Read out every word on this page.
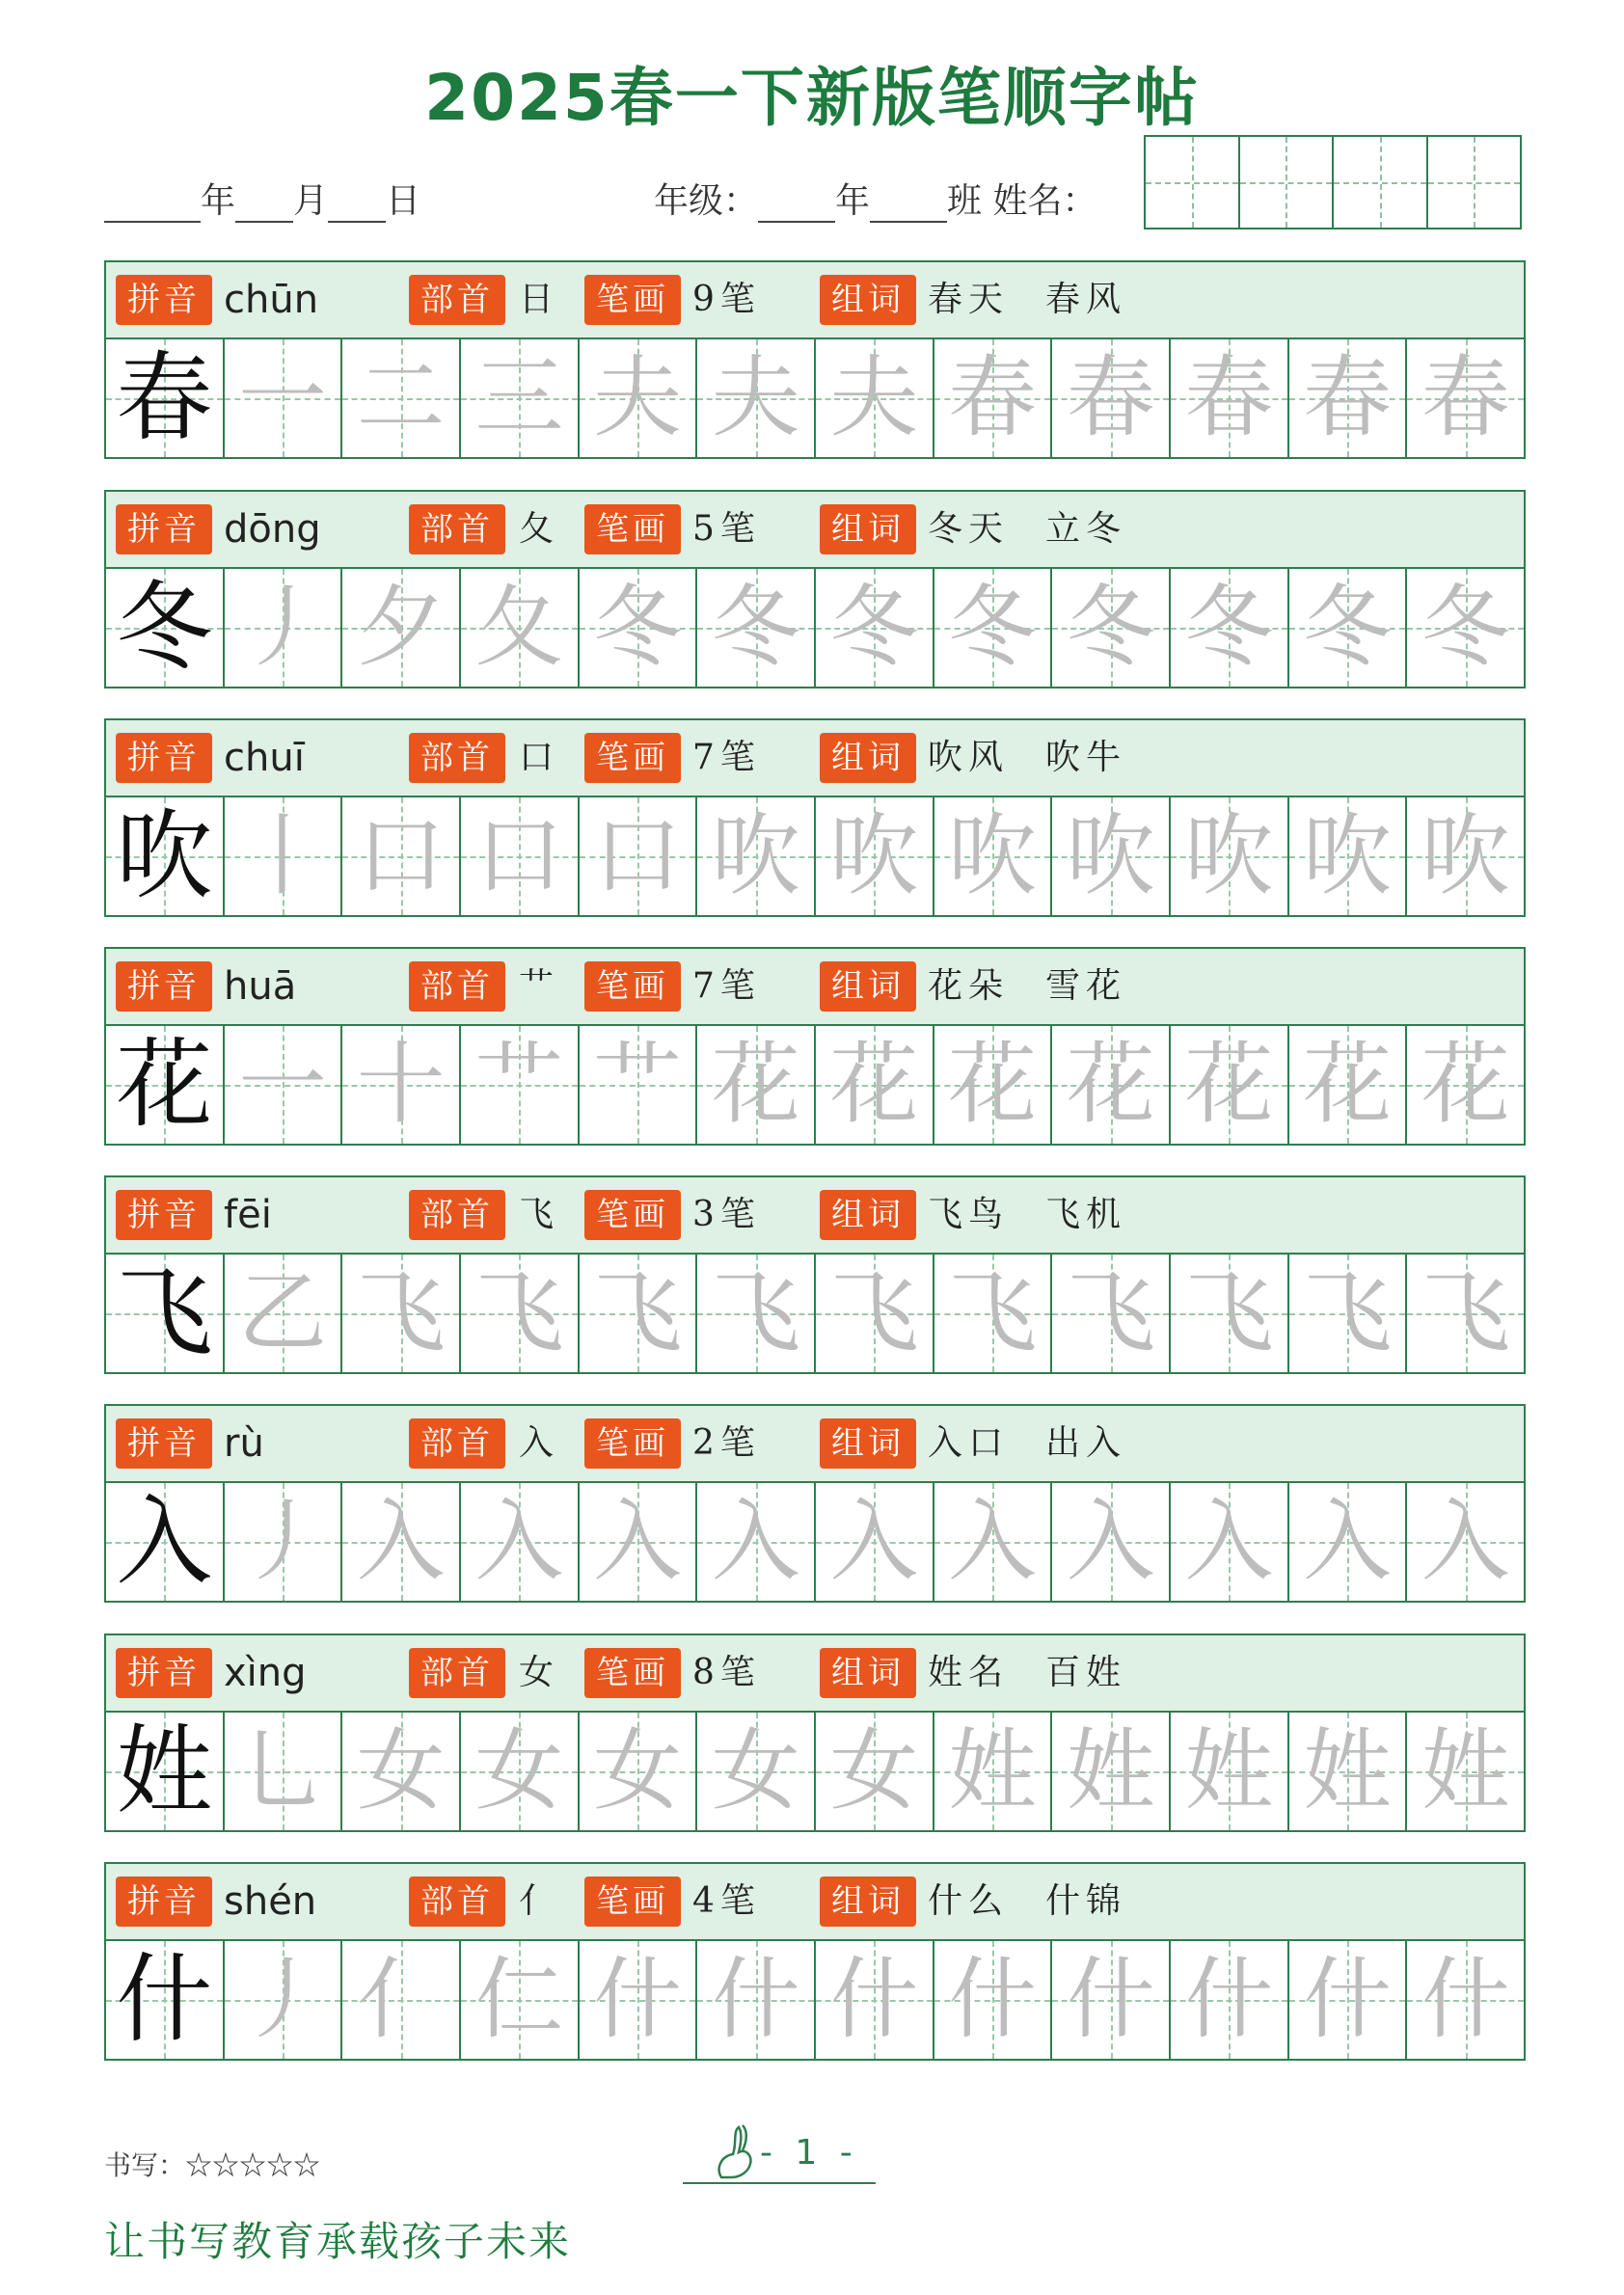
2025春一下新版笔顺字帖
年 月 日	年级： 年 班 姓名：
拼音 chūn	部首 日	笔画 9笔	组词 春天 春风
春 一 二 三 夫 夫 夫 春 春 春 春 春
拼音 dōng	部首 夂	笔画 5笔	组词 冬天 立冬
冬 丿 夕 夂 冬 冬 冬 冬 冬 冬 冬 冬
拼音 chuī	部首 口	笔画 7笔	组词 吹风 吹牛
吹 丨 口 口 口 吹 吹 吹 吹 吹 吹 吹
拼音 huā	部首 艹	笔画 7笔	组词 花朵 雪花
花 一 十 艹 艹 花 花 花 花 花 花 花
拼音 fēi	部首 飞	笔画 3笔	组词 飞鸟 飞机
飞 乙 飞 飞 飞 飞 飞 飞 飞 飞 飞 飞
拼音 rù	部首 入	笔画 2笔	组词 入口 出入
入 丿 入 入 入 入 入 入 入 入 入 入
拼音 xìng	部首 女	笔画 8笔	组词 姓名 百姓
姓 乚 女 女 女 女 女 姓 姓 姓 姓 姓
拼音 shén	部首 亻	笔画 4笔	组词 什么 什锦
什 丿 亻 仁 什 什 什 什 什 什 什 什
书写：☆☆☆☆☆	- 1 -
让书写教育承载孩子未来
